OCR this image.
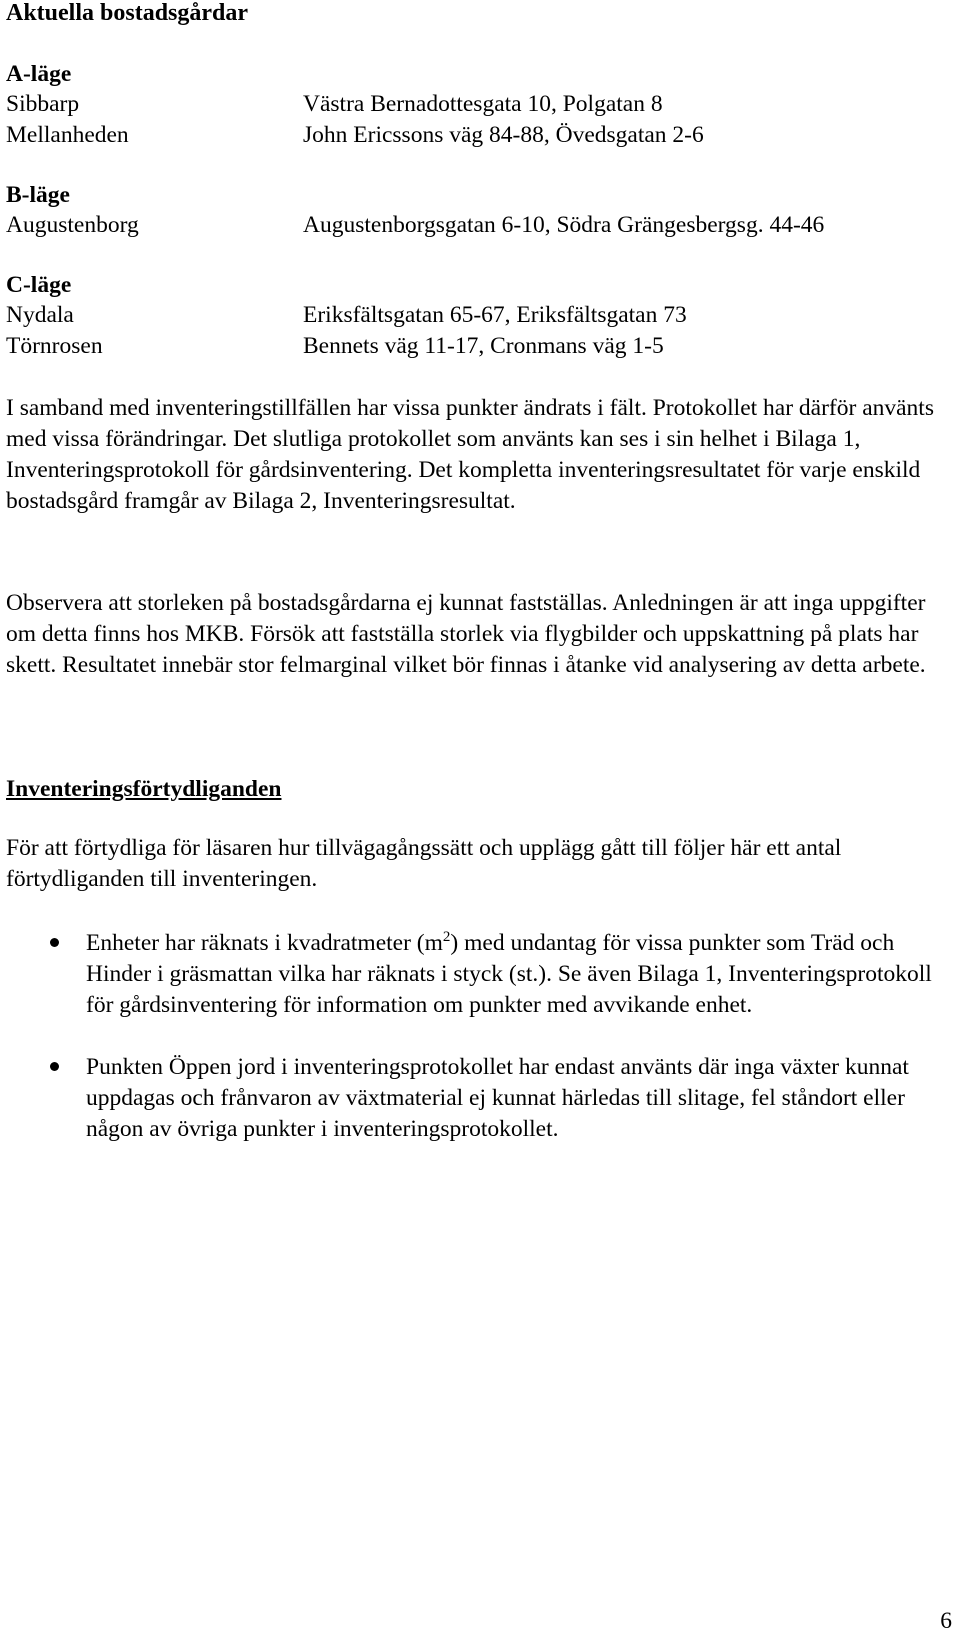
Aktuella bostadsgårdar
A-läge
Sibbarp	Västra Bernadottesgata 10, Polgatan 8
Mellanheden	John Ericssons väg 84-88, Övedsgatan 2-6
B-läge
Augustenborg	Augustenborgsgatan 6-10, Södra Grängesbergsg. 44-46
C-läge
Nydala	Eriksfältsgatan 65-67, Eriksfältsgatan 73
Törnrosen	Bennets väg 11-17, Cronmans väg 1-5

I samband med inventeringstillfällen har vissa punkter ändrats i fält. Protokollet har därför använts med vissa förändringar. Det slutliga protokollet som använts kan ses i sin helhet i Bilaga 1, Inventeringsprotokoll för gårdsinventering. Det kompletta inventeringsresultatet för varje enskild bostadsgård framgår av Bilaga 2, Inventeringsresultat.

Observera att storleken på bostadsgårdarna ej kunnat fastställas. Anledningen är att inga uppgifter om detta finns hos MKB. Försök att fastställa storlek via flygbilder och uppskattning på plats har skett. Resultatet innebär stor felmarginal vilket bör finnas i åtanke vid analysering av detta arbete.

Inventeringsförtydliganden

För att förtydliga för läsaren hur tillvägagångssätt och upplägg gått till följer här ett antal förtydliganden till inventeringen.

Enheter har räknats i kvadratmeter $(m^2)$ med undantag för vissa punkter som Träd och Hinder i gräsmattan vilka har räknats i styck (st.). Se även Bilaga 1, Inventeringsprotokoll för gårdsinventering för information om punkter med avvikande enhet.
Punkten Öppen jord i inventeringsprotokollet har endast använts där inga växter kunnat uppdagas och frånvaron av växtmaterial ej kunnat härledas till slitage, fel ståndort eller någon av övriga punkter i inventeringsprotokollet.
6
